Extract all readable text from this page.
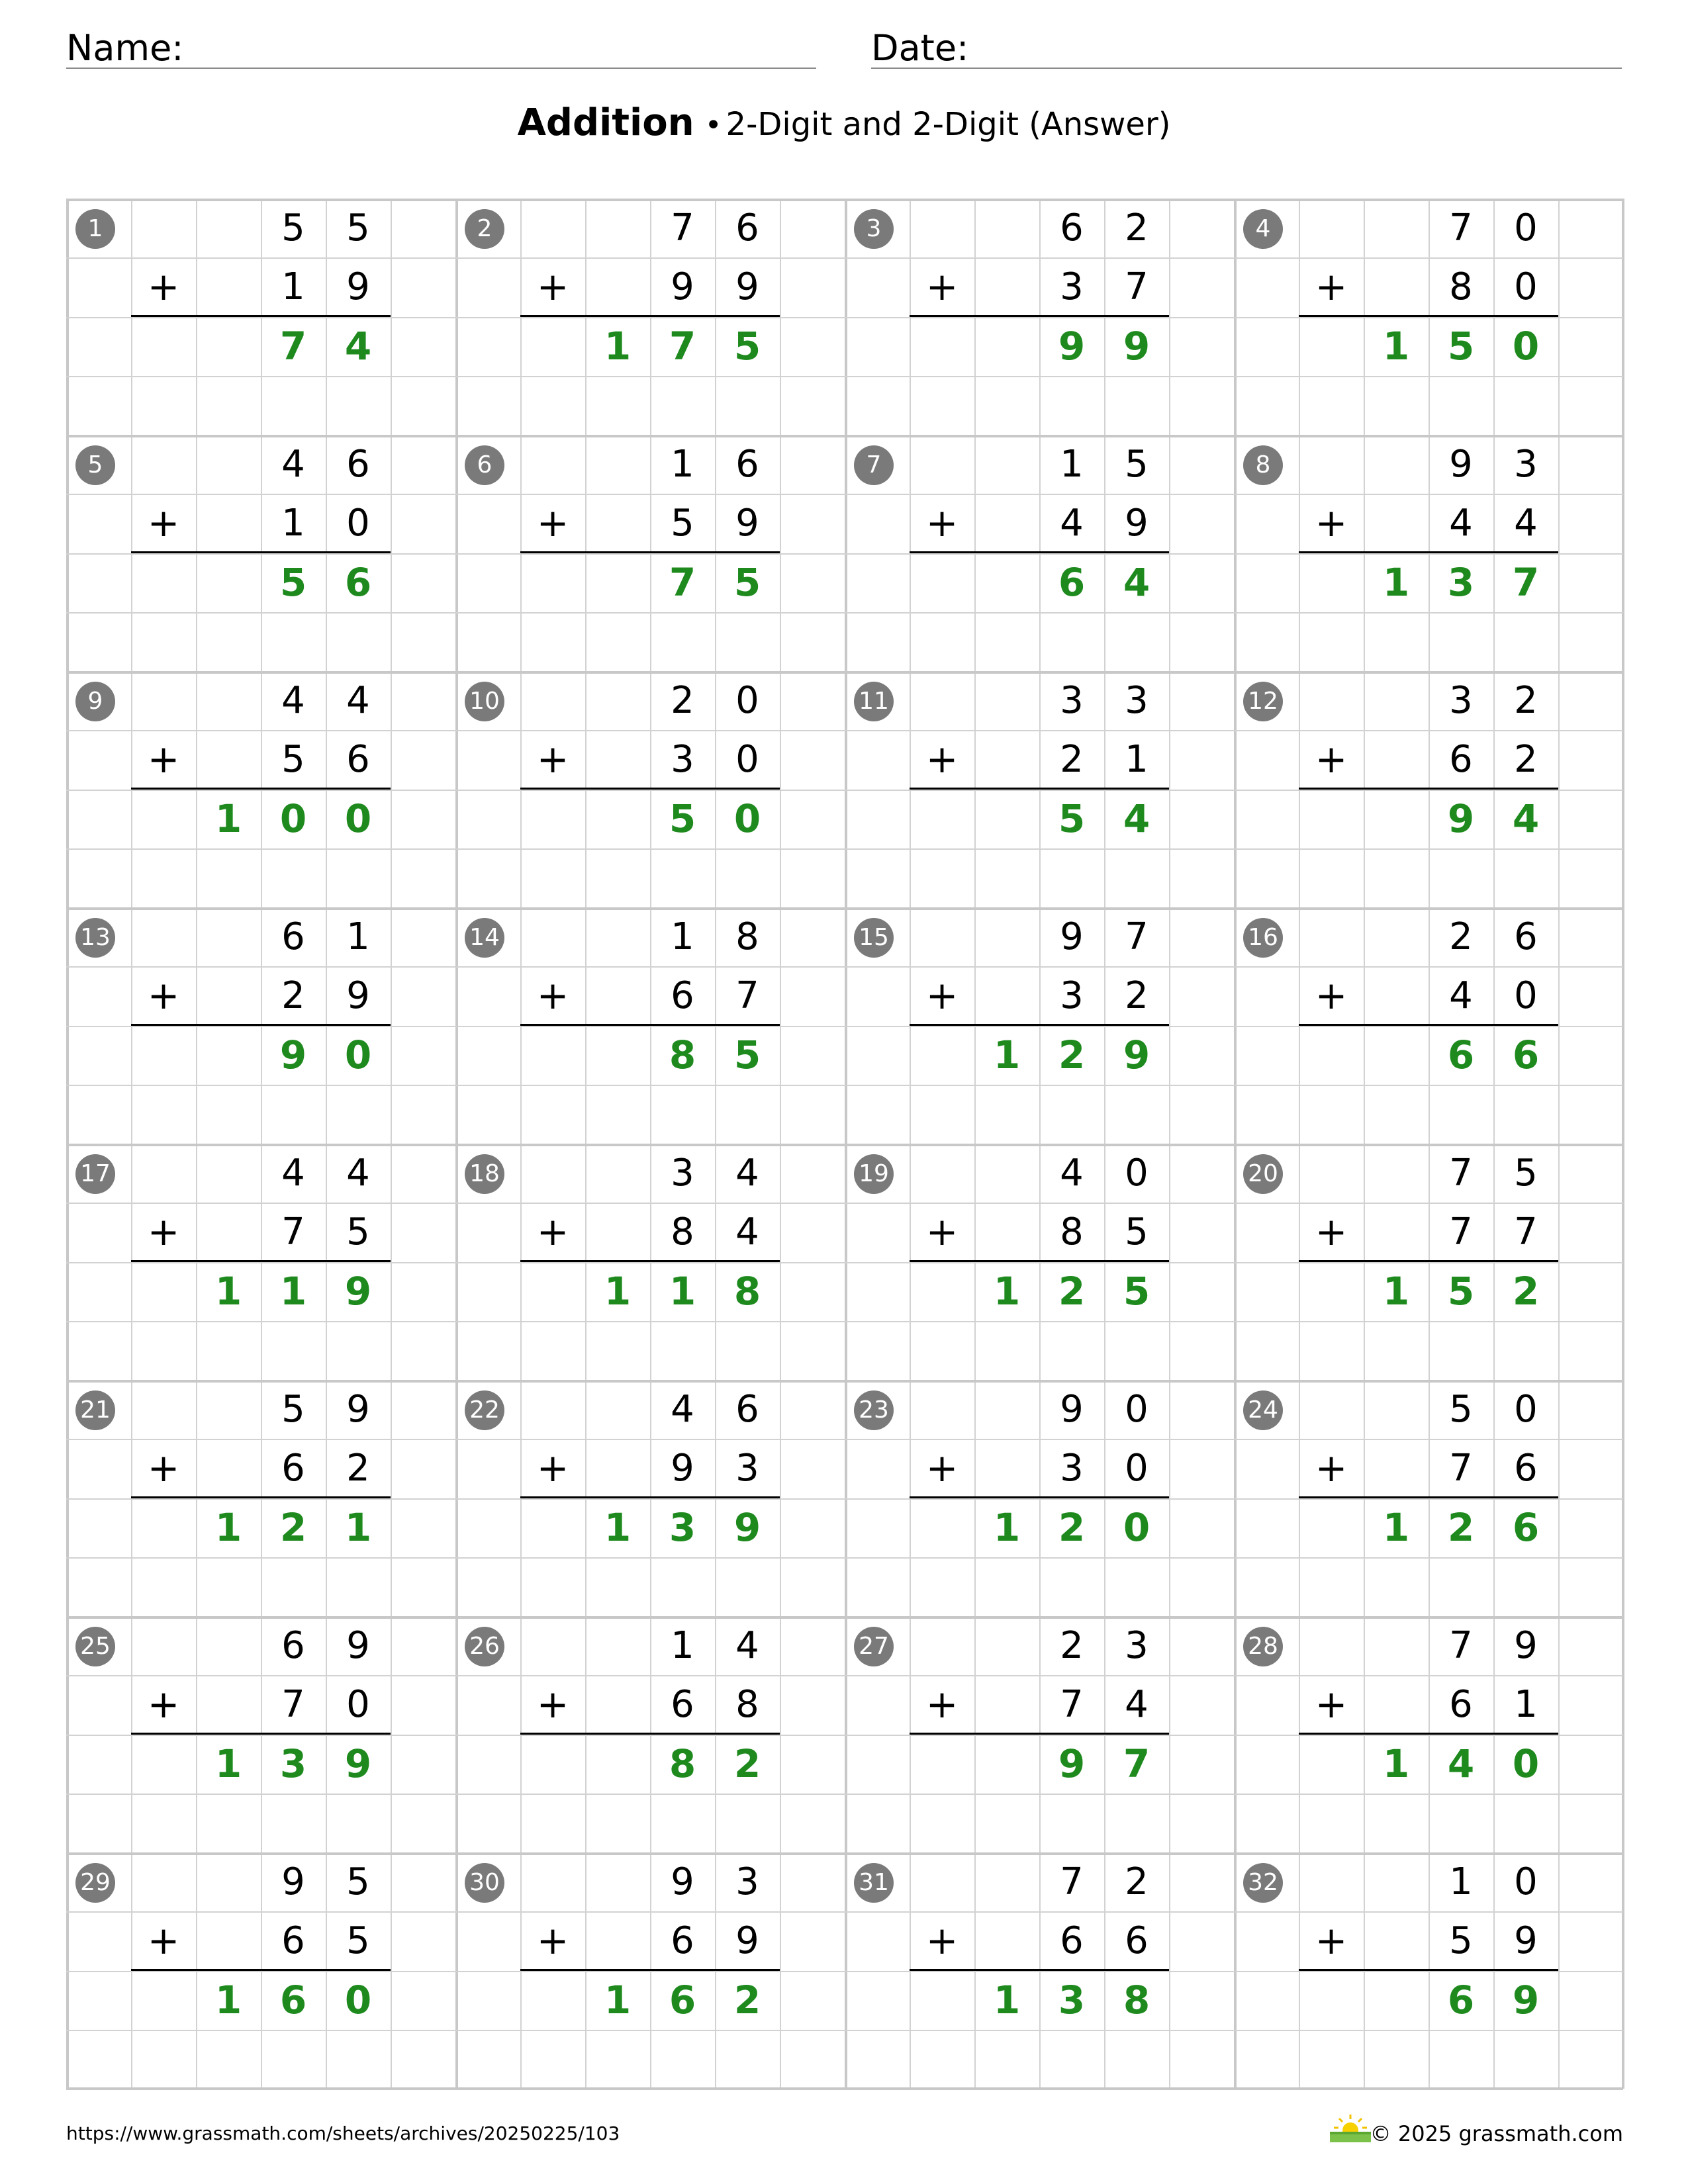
Name:	Date:
Addition • 2-Digit and 2-Digit (Answer)
1	5	5
+	1	9
7 4
2	7	6
+	9	9
1 7 5
3	6	2
+	3	7
9 9
4	7	0
+	8	0
1 5 0
5	4	6
+	1	0
5 6
6	1	6
+	5	9
7 5
7	1	5
+	4	9
6 4
8	9	3
+	4	4
1 3 7
9	4	4
+	5	6
1 0 0
10	2	0
+	3	0
5 0
11	3	3
+	2	1
5 4
12	3	2
+	6	2
9 4
13	6	1
+	2	9
9 0
14	1	8
+	6	7
8 5
15	9	7
+	3	2
1 2 9
16	2	6
+	4	0
6 6
17	4	4
+	7	5
1 1 9
18	3	4
+	8	4
1 1 8
19	4	0
+	8	5
1 2 5
20	7	5
+	7	7
1 5 2
21	5	9
+	6	2
1 2 1
22	4	6
+	9	3
1 3 9
23	9	0
+	3	0
1 2 0
24	5	0
+	7	6
1 2 6
25	6	9
+	7	0
1 3 9
26	1	4
+	6	8
8 2
27	2	3
+	7	4
9 7
28	7	9
+	6	1
1 4 0
29	9	5
+	6	5
1 6 0
30	9	3
+	6	9
1 6 2
31	7	2
+	6	6
1 3 8
32	1	0
+	5	9
6 9
https://www.grassmath.com/sheets/archives/20250225/103	© 2025 grassmath.com
